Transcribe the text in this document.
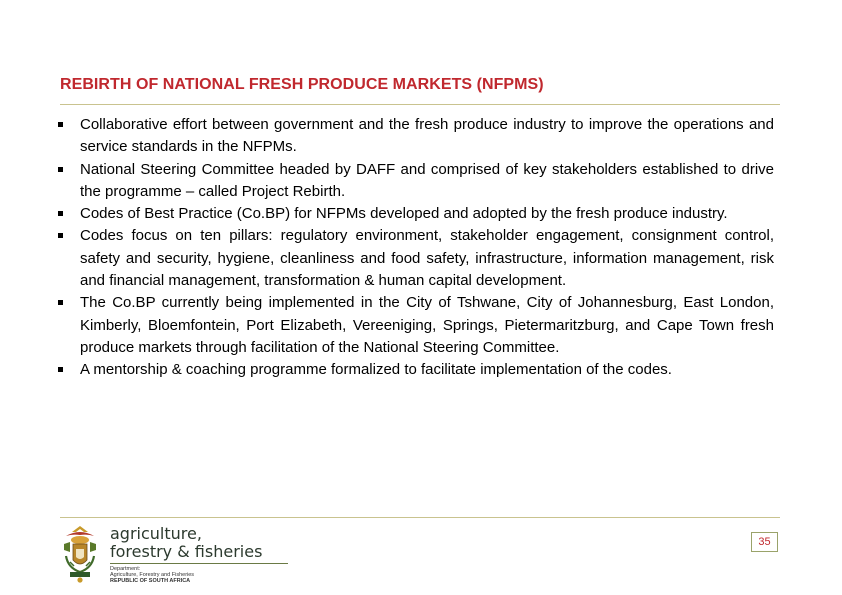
REBIRTH OF NATIONAL FRESH PRODUCE MARKETS (NFPMS)
Collaborative effort between government and the fresh produce industry to improve the operations and service standards in the NFPMs.
National Steering Committee headed by DAFF and comprised of key stakeholders established to drive the programme – called Project Rebirth.
Codes of Best Practice (Co.BP) for NFPMs developed and adopted by the fresh produce industry.
Codes focus on ten pillars: regulatory environment, stakeholder engagement, consignment control, safety and security, hygiene, cleanliness and food safety, infrastructure, information management, risk and financial management, transformation & human capital development.
The Co.BP currently being implemented in the City of Tshwane, City of Johannesburg, East London, Kimberly, Bloemfontein, Port Elizabeth, Vereeniging, Springs, Pietermaritzburg, and Cape Town fresh produce markets through facilitation of the National Steering Committee.
A mentorship & coaching programme formalized to facilitate implementation of the codes.
agriculture,
forestry & fisheries
Department:
Agriculture, Forestry and Fisheries
REPUBLIC OF SOUTH AFRICA
35
